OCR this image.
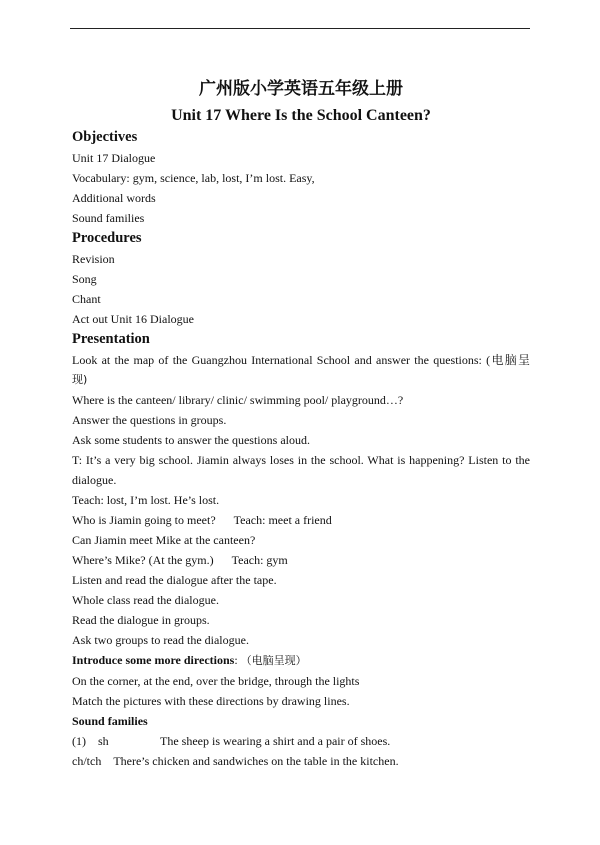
广州版小学英语五年级上册
Unit 17 Where Is the School Canteen?
Objectives
Unit 17 Dialogue
Vocabulary: gym, science, lab, lost, I’m lost. Easy,
Additional words
Sound families
Procedures
Revision
Song
Chant
Act out Unit 16 Dialogue
Presentation
Look at the map of the Guangzhou International School and answer the questions: (电脑呈
现)
Where is the canteen/ library/ clinic/ swimming pool/ playground…?
Answer the questions in groups.
Ask some students to answer the questions aloud.
T: It’s a very big school. Jiamin always loses in the school. What is happening? Listen to the
dialogue.
Teach: lost, I’m lost. He’s lost.
Who is Jiamin going to meet? Teach: meet a friend
Can Jiamin meet Mike at the canteen?
Where’s Mike? (At the gym.) Teach: gym
Listen and read the dialogue after the tape.
Whole class read the dialogue.
Read the dialogue in groups.
Ask two groups to read the dialogue.
Introduce some more directions: （电脑呈现）
On the corner, at the end, over the bridge, through the lights
Match the pictures with these directions by drawing lines.
Sound families
(1) sh	The sheep is wearing a shirt and a pair of shoes.
ch/tch There’s chicken and sandwiches on the table in the kitchen.
